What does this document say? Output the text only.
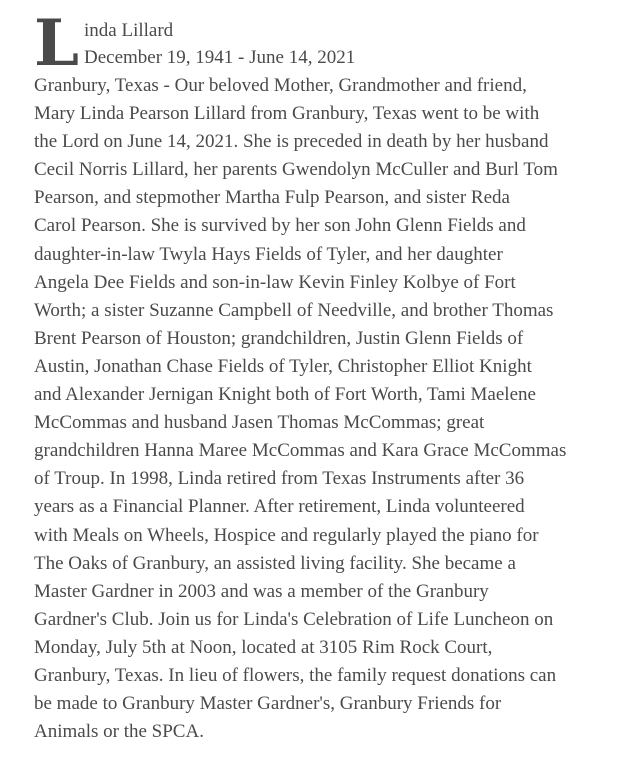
L inda Lillard
December 19, 1941 - June 14, 2021

Granbury, Texas - Our beloved Mother, Grandmother and friend,
Mary Linda Pearson Lillard from Granbury, Texas went to be with
the Lord on June 14, 2021. She is preceded in death by her husband
Cecil Norris Lillard, her parents Gwendolyn McCuller and Burl Tom
Pearson, and stepmother Martha Fulp Pearson, and sister Reda
Carol Pearson. She is survived by her son John Glenn Fields and
daughter-in-law Twyla Hays Fields of Tyler, and her daughter
Angela Dee Fields and son-in-law Kevin Finley Kolbye of Fort
Worth; a sister Suzanne Campbell of Needville, and brother Thomas
Brent Pearson of Houston; grandchildren, Justin Glenn Fields of
Austin, Jonathan Chase Fields of Tyler, Christopher Elliot Knight
and Alexander Jernigan Knight both of Fort Worth, Tami Maelene
McCommas and husband Jasen Thomas McCommas; great
grandchildren Hanna Maree McCommas and Kara Grace McCommas
of Troup. In 1998, Linda retired from Texas Instruments after 36
years as a Financial Planner. After retirement, Linda volunteered
with Meals on Wheels, Hospice and regularly played the piano for
The Oaks of Granbury, an assisted living facility. She became a
Master Gardner in 2003 and was a member of the Granbury
Gardner's Club. Join us for Linda's Celebration of Life Luncheon on
Monday, July 5th at Noon, located at 3105 Rim Rock Court,
Granbury, Texas. In lieu of flowers, the family request donations can
be made to Granbury Master Gardner's, Granbury Friends for
Animals or the SPCA.
